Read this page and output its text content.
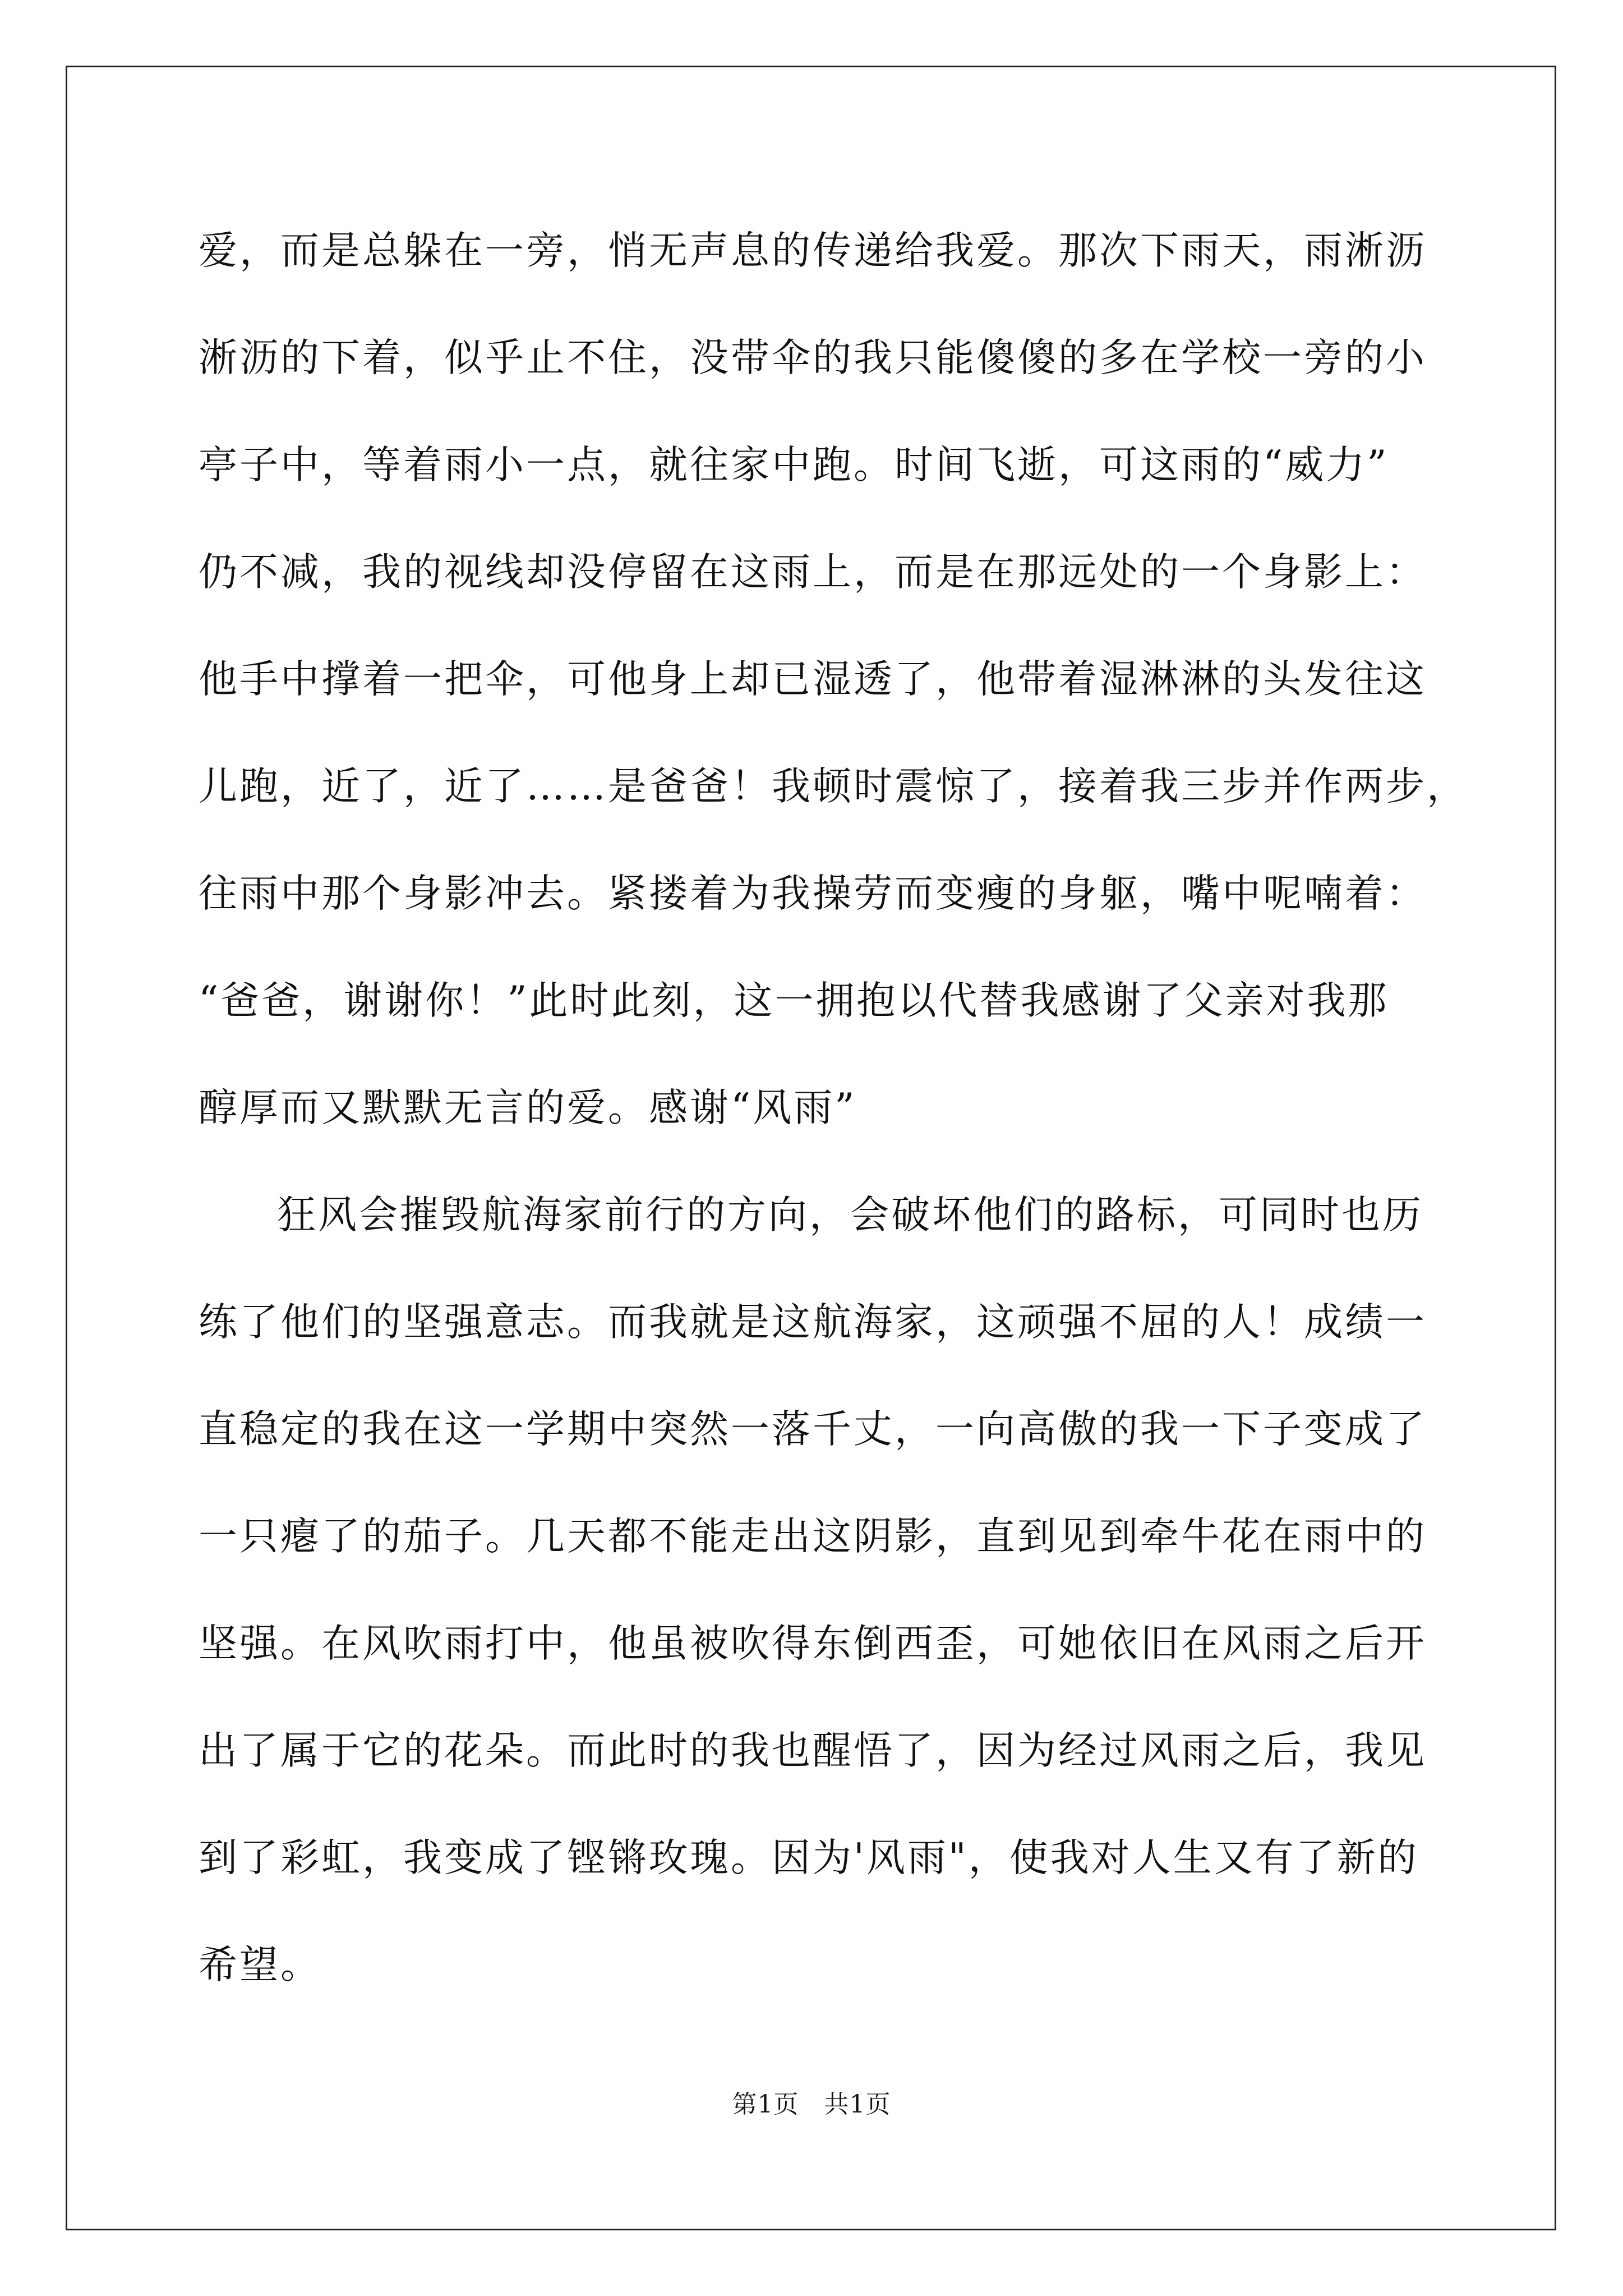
爱，而是总躲在一旁，悄无声息的传递给我爱。那次下雨天，雨淅沥
淅沥的下着，似乎止不住，没带伞的我只能傻傻的多在学校一旁的小
亭子中，等着雨小一点，就往家中跑。时间飞逝，可这雨的“威力”
仍不减，我的视线却没停留在这雨上，而是在那远处的一个身影上：
他手中撑着一把伞，可他身上却已湿透了，他带着湿淋淋的头发往这
儿跑，近了，近了……是爸爸！我顿时震惊了，接着我三步并作两步，
往雨中那个身影冲去。紧搂着为我操劳而变瘦的身躯，嘴中呢喃着：
“爸爸，谢谢你！”此时此刻，这一拥抱以代替我感谢了父亲对我那
醇厚而又默默无言的爱。感谢“风雨”
狂风会摧毁航海家前行的方向，会破坏他们的路标，可同时也历
练了他们的坚强意志。而我就是这航海家，这顽强不屈的人！成绩一
直稳定的我在这一学期中突然一落千丈，一向高傲的我一下子变成了
一只瘪了的茄子。几天都不能走出这阴影，直到见到牵牛花在雨中的
坚强。在风吹雨打中，他虽被吹得东倒西歪，可她依旧在风雨之后开
出了属于它的花朵。而此时的我也醒悟了，因为经过风雨之后，我见
到了彩虹，我变成了铿锵玫瑰。因为'风雨"，使我对人生又有了新的
希望。
第1页 共1页
